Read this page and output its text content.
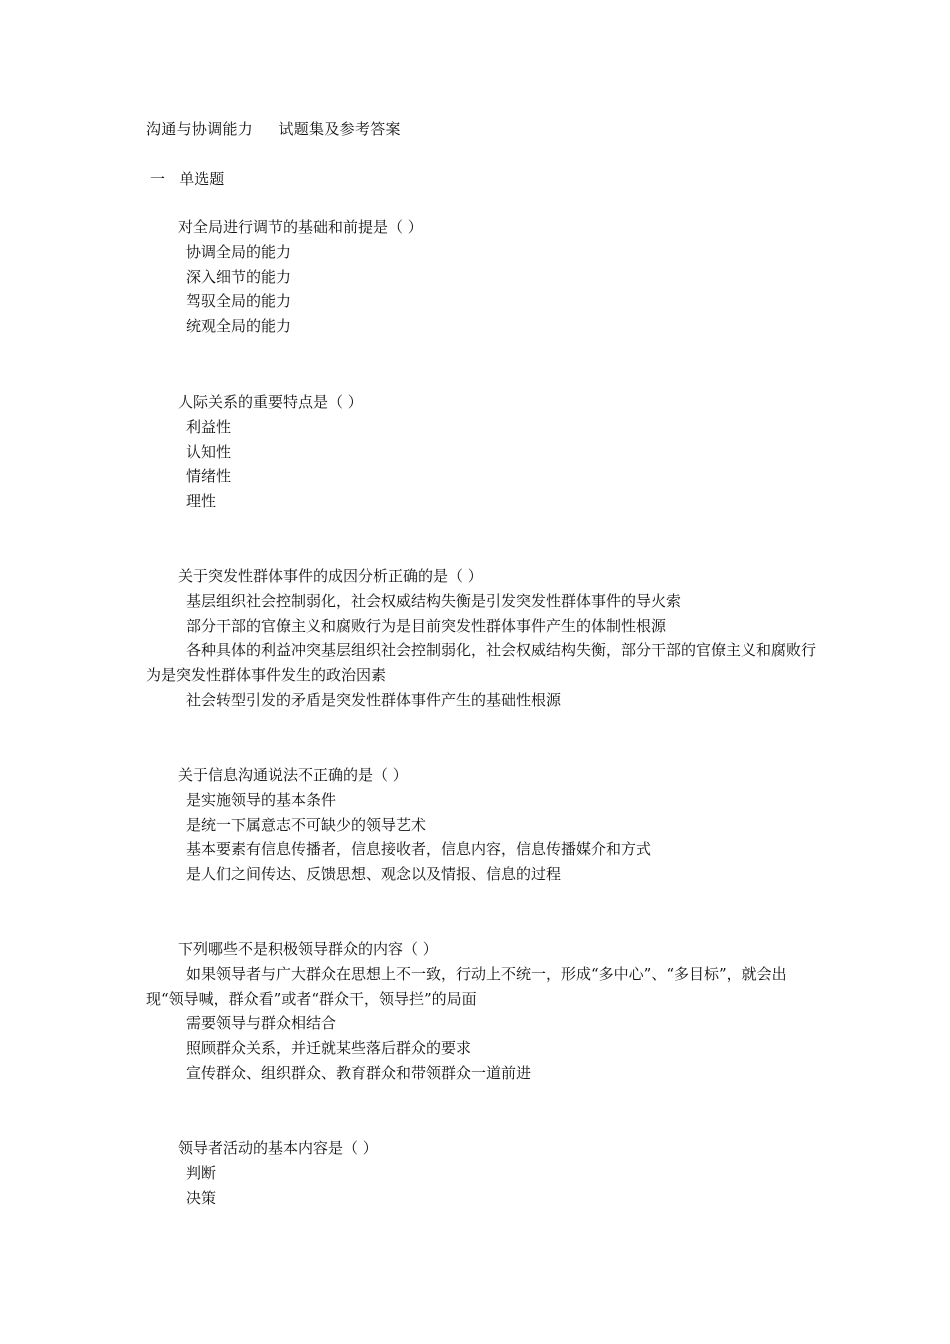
沟通与协调能力     试题集及参考答案
一   单选题
对全局进行调节的基础和前提是（ ）
协调全局的能力
深入细节的能力
驾驭全局的能力
统观全局的能力
人际关系的重要特点是（ ）
利益性
认知性
情绪性
理性
关于突发性群体事件的成因分析正确的是（ ）
基层组织社会控制弱化，社会权威结构失衡是引发突发性群体事件的导火索
部分干部的官僚主义和腐败行为是目前突发性群体事件产生的体制性根源
各种具体的利益冲突基层组织社会控制弱化，社会权威结构失衡，部分干部的官僚主义和腐败行为是突发性群体事件发生的政治因素
社会转型引发的矛盾是突发性群体事件产生的基础性根源
关于信息沟通说法不正确的是（ ）
是实施领导的基本条件
是统一下属意志不可缺少的领导艺术
基本要素有信息传播者，信息接收者，信息内容，信息传播媒介和方式
是人们之间传达、反馈思想、观念以及情报、信息的过程
下列哪些不是积极领导群众的内容（ ）
如果领导者与广大群众在思想上不一致，行动上不统一，形成“多中心”、“多目标”，就会出现“领导喊，群众看”或者“群众干，领导拦”的局面
需要领导与群众相结合
照顾群众关系，并迁就某些落后群众的要求
宣传群众、组织群众、教育群众和带领群众一道前进
领导者活动的基本内容是（ ）
判断
决策
